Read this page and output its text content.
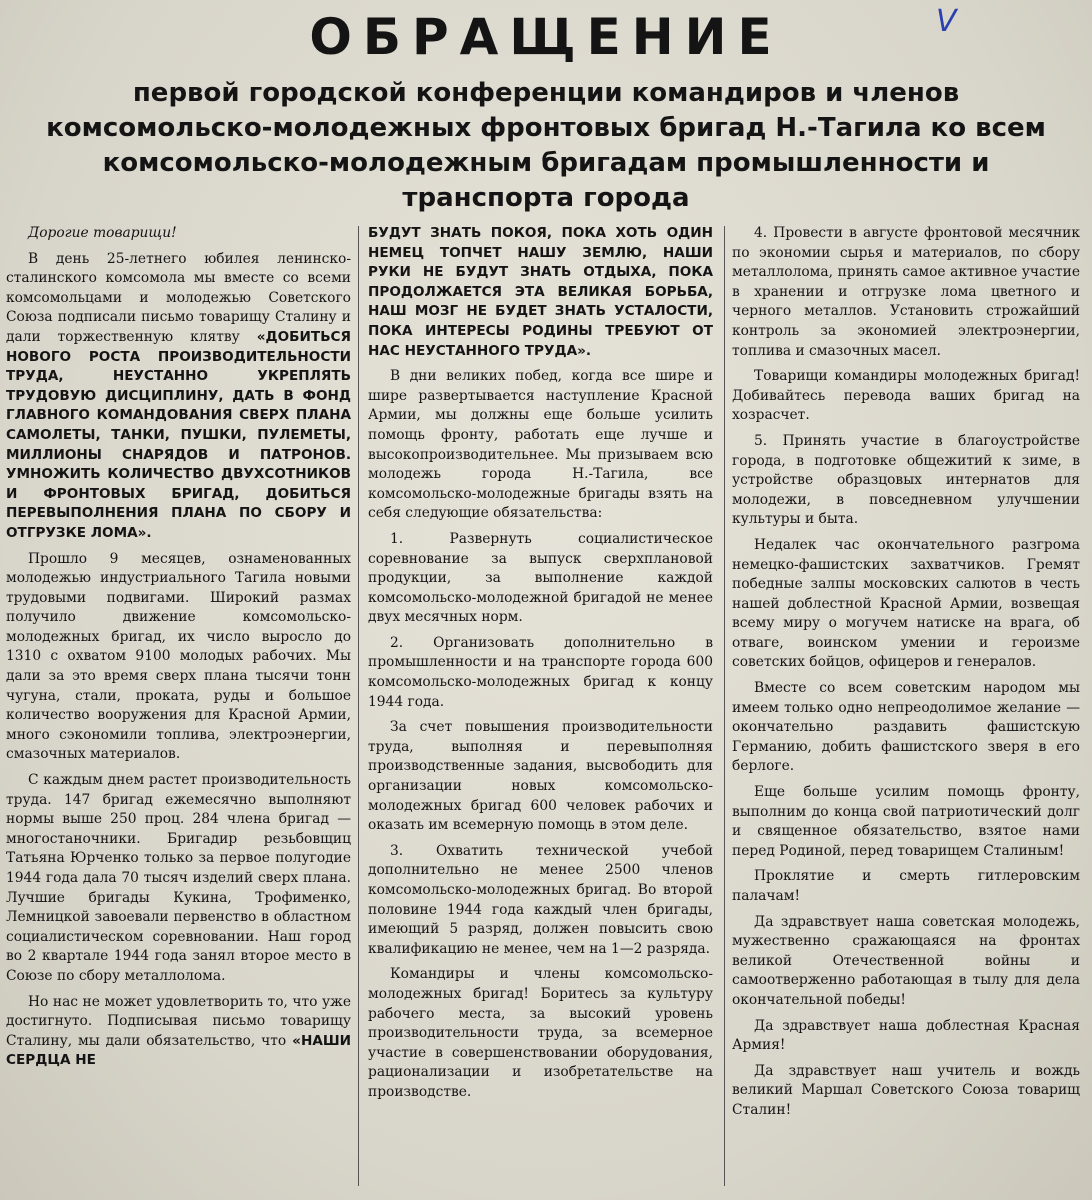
V
ОБРАЩЕНИЕ
первой городской конференции командиров и членов комсомольско-молодежных фронтовых бригад Н.-Тагила ко всем комсомольско-молодежным бригадам промышленности и транспорта города

Дорогие товарищи!

В день 25-летнего юбилея ленинско-сталинского комсомола мы вместе со всеми комсомольцами и молодежью Советского Союза подписали письмо товарищу Сталину и дали торжественную клятву «ДОБИТЬСЯ НОВОГО РОСТА ПРОИЗВОДИТЕЛЬНОСТИ ТРУДА, НЕУСТАННО УКРЕПЛЯТЬ ТРУДОВУЮ ДИСЦИПЛИНУ, ДАТЬ В ФОНД ГЛАВНОГО КОМАНДОВАНИЯ СВЕРХ ПЛАНА САМОЛЕТЫ, ТАНКИ, ПУШКИ, ПУЛЕМЕТЫ, МИЛЛИОНЫ СНАРЯДОВ И ПАТРОНОВ. УМНОЖИТЬ КОЛИЧЕСТВО ДВУХСОТНИКОВ И ФРОНТОВЫХ БРИГАД, ДОБИТЬСЯ ПЕРЕВЫПОЛНЕНИЯ ПЛАНА ПО СБОРУ И ОТГРУЗКЕ ЛОМА».

Прошло 9 месяцев, ознаменованных молодежью индустриального Тагила новыми трудовыми подвигами. Широкий размах получило движение комсомольско-молодежных бригад, их число выросло до 1310 с охватом 9100 молодых рабочих. Мы дали за это время сверх плана тысячи тонн чугуна, стали, проката, руды и большое количество вооружения для Красной Армии, много сэкономили топлива, электроэнергии, смазочных материалов.

С каждым днем растет производительность труда. 147 бригад ежемесячно выполняют нормы выше 250 проц. 284 члена бригад — многостаночники. Бригадир резьбовщиц Татьяна Юрченко только за первое полугодие 1944 года дала 70 тысяч изделий сверх плана. Лучшие бригады Кукина, Трофименко, Лемницкой завоевали первенство в областном социалистическом соревновании. Наш город во 2 квартале 1944 года занял второе место в Союзе по сбору металлолома.

Но нас не может удовлетворить то, что уже достигнуто. Подписывая письмо товарищу Сталину, мы дали обязательство, что «НАШИ СЕРДЦА НЕ

БУДУТ ЗНАТЬ ПОКОЯ, ПОКА ХОТЬ ОДИН НЕМЕЦ ТОПЧЕТ НАШУ ЗЕМЛЮ, НАШИ РУКИ НЕ БУДУТ ЗНАТЬ ОТДЫХА, ПОКА ПРОДОЛЖАЕТСЯ ЭТА ВЕЛИКАЯ БОРЬБА, НАШ МОЗГ НЕ БУДЕТ ЗНАТЬ УСТАЛОСТИ, ПОКА ИНТЕРЕСЫ РОДИНЫ ТРЕБУЮТ ОТ НАС НЕУСТАННОГО ТРУДА».

В дни великих побед, когда все шире и шире развертывается наступление Красной Армии, мы должны еще больше усилить помощь фронту, работать еще лучше и высокопроизводительнее. Мы призываем всю молодежь города Н.-Тагила, все комсомольско-молодежные бригады взять на себя следующие обязательства:

1. Развернуть социалистическое соревнование за выпуск сверхплановой продукции, за выполнение каждой комсомольско-молодежной бригадой не менее двух месячных норм.

2. Организовать дополнительно в промышленности и на транспорте города 600 комсомольско-молодежных бригад к концу 1944 года.

За счет повышения производительности труда, выполняя и перевыполняя производственные задания, высвободить для организации новых комсомольско-молодежных бригад 600 человек рабочих и оказать им всемерную помощь в этом деле.

3. Охватить технической учебой дополнительно не менее 2500 членов комсомольско-молодежных бригад. Во второй половине 1944 года каждый член бригады, имеющий 5 разряд, должен повысить свою квалификацию не менее, чем на 1—2 разряда.

Командиры и члены комсомольско-молодежных бригад! Боритесь за культуру рабочего места, за высокий уровень производительности труда, за всемерное участие в совершенствовании оборудования, рационализации и изобретательстве на производстве.

4. Провести в августе фронтовой месячник по экономии сырья и материалов, по сбору металлолома, принять самое активное участие в хранении и отгрузке лома цветного и черного металлов. Установить строжайший контроль за экономией электроэнергии, топлива и смазочных масел.

Товарищи командиры молодежных бригад! Добивайтесь перевода ваших бригад на хозрасчет.

5. Принять участие в благоустройстве города, в подготовке общежитий к зиме, в устройстве образцовых интернатов для молодежи, в повседневном улучшении культуры и быта.

Недалек час окончательного разгрома немецко-фашистских захватчиков. Гремят победные залпы московских салютов в честь нашей доблестной Красной Армии, возвещая всему миру о могучем натиске на врага, об отваге, воинском умении и героизме советских бойцов, офицеров и генералов.

Вместе со всем советским народом мы имеем только одно непреодолимое желание — окончательно раздавить фашистскую Германию, добить фашистского зверя в его берлоге.

Еще больше усилим помощь фронту, выполним до конца свой патриотический долг и священное обязательство, взятое нами перед Родиной, перед товарищем Сталиным!

Проклятие и смерть гитлеровским палачам!

Да здравствует наша советская молодежь, мужественно сражающаяся на фронтах великой Отечественной войны и самоотверженно работающая в тылу для дела окончательной победы!

Да здравствует наша доблестная Красная Армия!

Да здравствует наш учитель и вождь великий Маршал Советского Союза товарищ Сталин!
